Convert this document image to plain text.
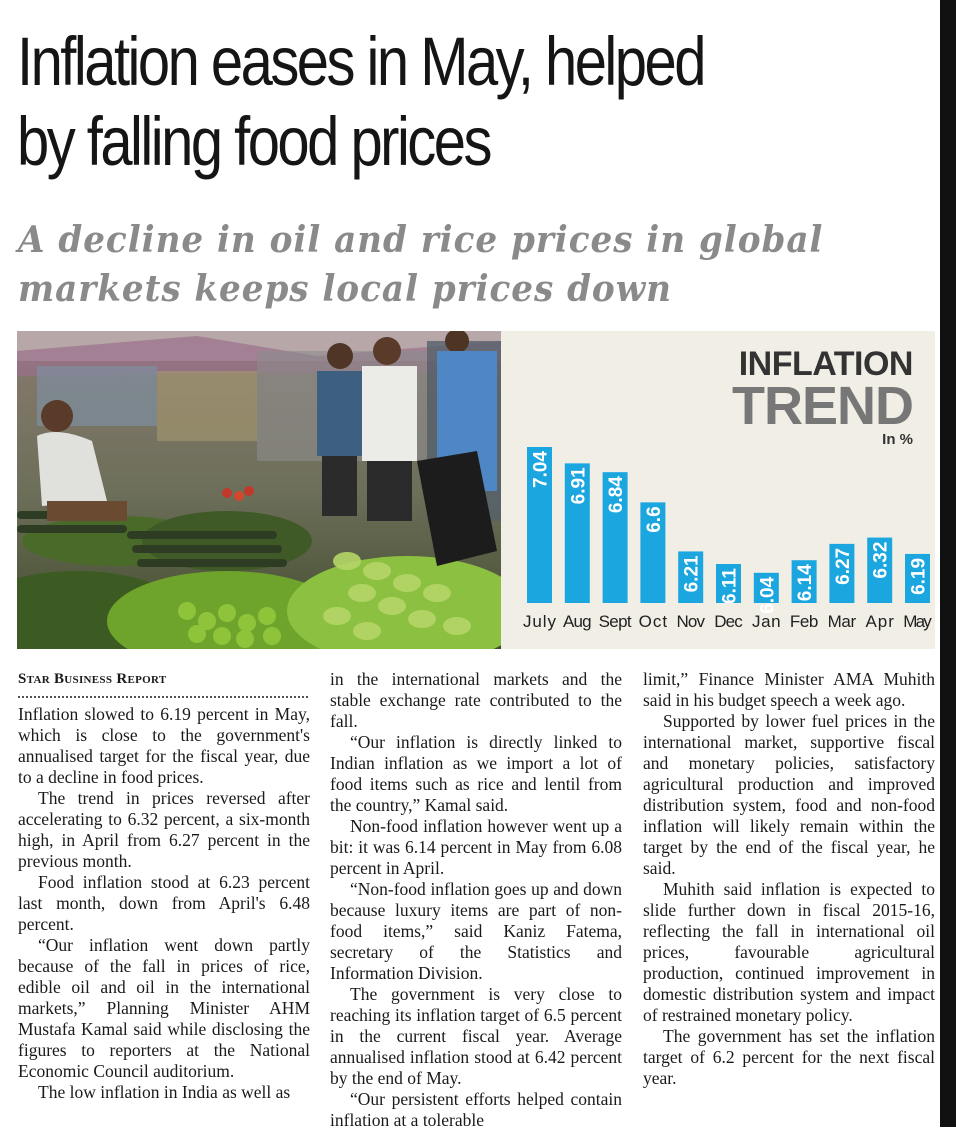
Inflation eases in May, helped
by falling food prices
A decline in oil and rice prices in global
markets keeps local prices down
7.04
July
6.91
Aug
6.84
Sept
6.6
Oct
6.21
Nov
6.11
Dec
6.04
Jan
6.14
Feb
6.27
Mar
6.32
Apr
6.19
May
INFLATION
TREND
In %
Star Business Report

Inflation slowed to 6.19 percent in May, which is close to the government's annualised target for the fiscal year, due to a decline in food prices.

The trend in prices reversed after accelerating to 6.32 percent, a six-month high, in April from 6.27 percent in the previous month.

Food inflation stood at 6.23 percent last month, down from April's 6.48 percent.

“Our inflation went down partly because of the fall in prices of rice, edible oil and oil in the international markets,” Planning Minister AHM Mustafa Kamal said while disclosing the figures to reporters at the National Economic Council auditorium.

The low inflation in India as well as

in the international markets and the stable exchange rate contributed to the fall.

“Our inflation is directly linked to Indian inflation as we import a lot of food items such as rice and lentil from the country,” Kamal said.

Non-food inflation however went up a bit: it was 6.14 percent in May from 6.08 percent in April.

“Non-food inflation goes up and down because luxury items are part of non-food items,” said Kaniz Fatema, secretary of the Statistics and Information Division.

The government is very close to reaching its inflation target of 6.5 percent in the current fiscal year. Average annualised inflation stood at 6.42 percent by the end of May.

“Our persistent efforts helped contain inflation at a tolerable

limit,” Finance Minister AMA Muhith said in his budget speech a week ago.

Supported by lower fuel prices in the international market, supportive fiscal and monetary policies, satisfactory agricultural production and improved distribution system, food and non-food inflation will likely remain within the target by the end of the fiscal year, he said.

Muhith said inflation is expected to slide further down in fiscal 2015-16, reflecting the fall in international oil prices, favourable agricultural production, continued improvement in domestic distribution system and impact of restrained monetary policy.

The government has set the inflation target of 6.2 percent for the next fiscal year.
